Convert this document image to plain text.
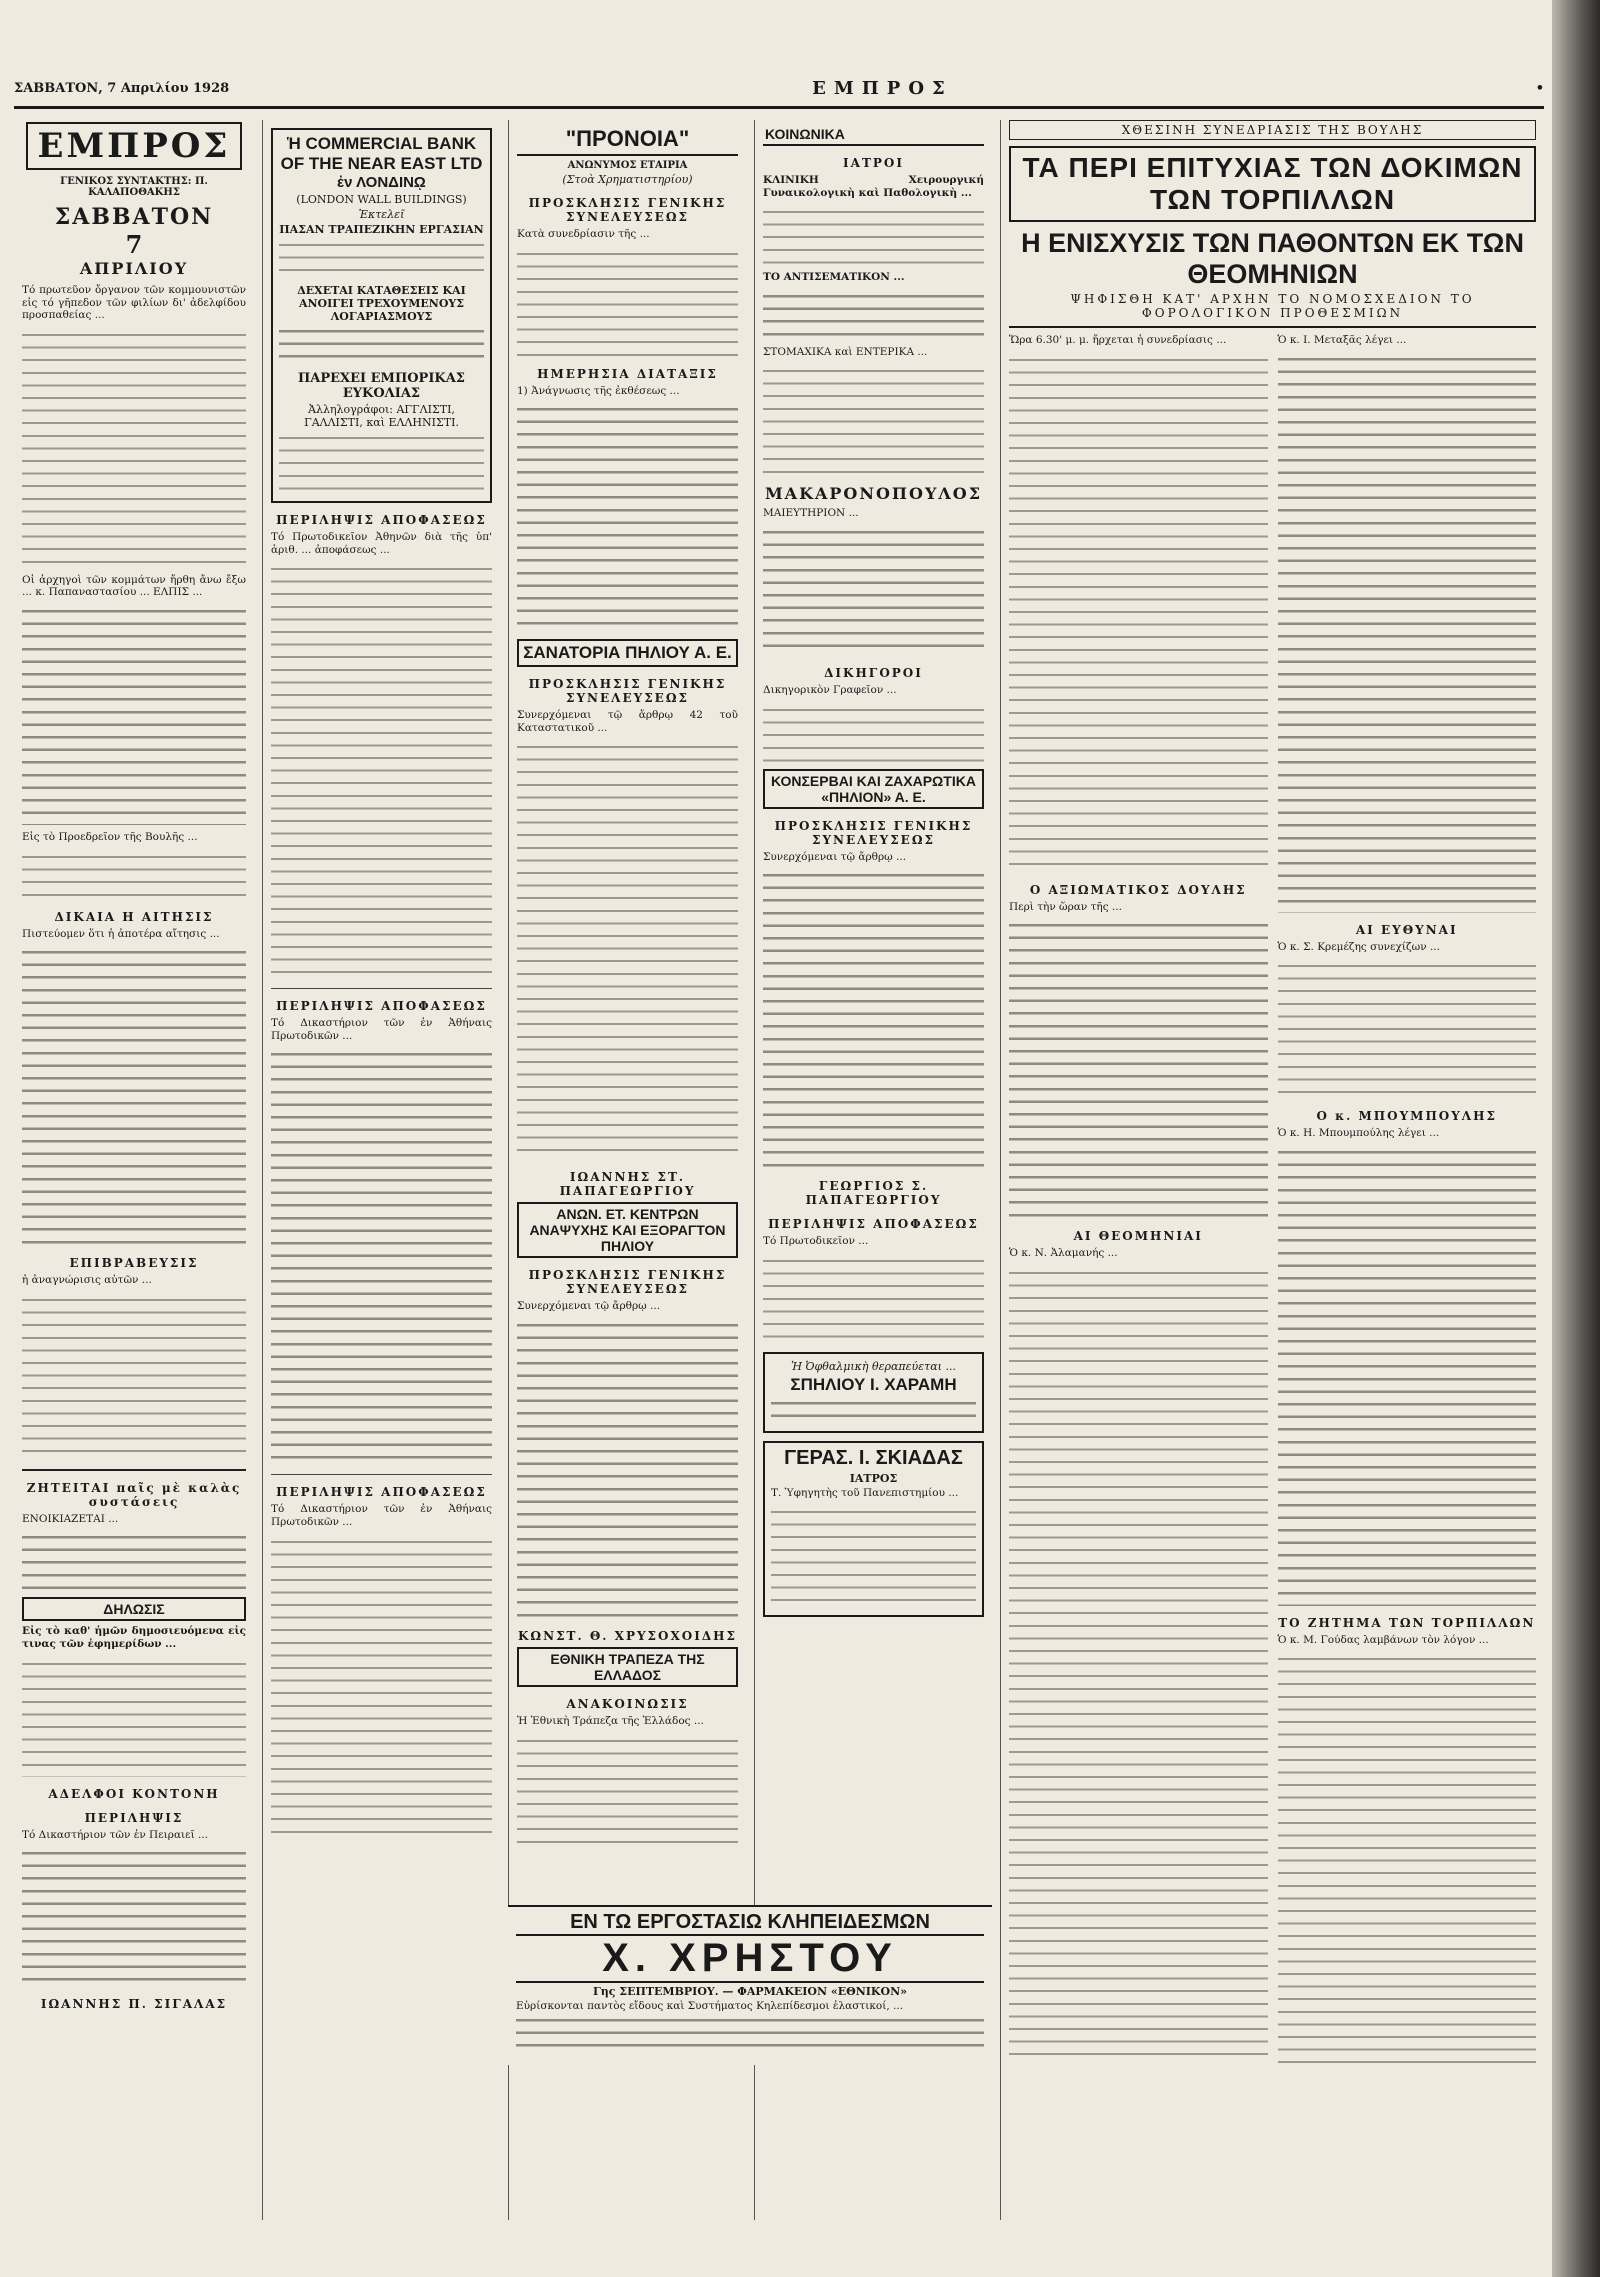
ΣΑΒΒΑΤΟΝ, 7 Απριλίου 1928	ΕΜΠΡΟΣ	•
ΕΜΠΡΟΣ
ΓΕΝΙΚΟΣ ΣΥΝΤΑΚΤΗΣ: Π. ΚΑΛΑΠΟΘΑΚΗΣ
ΣΑΒΒΑΤΟΝ
7
ΑΠΡΙΛΙΟΥ

Τό πρωτεῦον ὄργανον τῶν κομμουνιστῶν εἰς τό γῆπεδον τῶν φιλίων δι' ἀδελφίδου προσπαθείας ...

Οἱ ἀρχηγοὶ τῶν κομμάτων ἤρθη ἄνω ἔξω ... κ. Παπαναστασίου ... ΕΛΠΙΣ ...

Εἰς τὸ Προεδρεῖον τῆς Βουλῆς ...

ΔΙΚΑΙΑ Η ΑΙΤΗΣΙΣ

Πιστεύομεν ὅτι ἡ ἀποτέρα αἴτησις ...

ΕΠΙΒΡΑΒΕΥΣΙΣ

ἡ ἀναγνώρισις αὐτῶν ...

ΖΗΤΕΙΤΑΙ παῖς μὲ καλὰς συστάσεις

ΕΝΟΙΚΙΑΖΕΤΑΙ ...

ΔΗΛΩΣΙΣ

Εἰς τὸ καθ' ἡμῶν δημοσιευόμενα εἰς τινας τῶν ἐφημερίδων ...

ΑΔΕΛΦΟΙ ΚΟΝΤΟΝΗ
ΠΕΡΙΛΗΨΙΣ

Τό Δικαστήριον τῶν ἐν Πειραιεῖ ...

ΙΩΑΝΝΗΣ Π. ΣΙΓΑΛΑΣ
Ἡ COMMERCIAL BANK OF THE NEAR EAST LTD
ἐν ΛΟΝΔΙΝῼ
(LONDON WALL BUILDINGS)
Ἐκτελεῖ
ΠΑΣΑΝ ΤΡΑΠΕΖΙΚΗΝ ΕΡΓΑΣΙΑΝ
ΔΕΧΕΤΑΙ ΚΑΤΑΘΕΣΕΙΣ ΚΑΙ ΑΝΟΙΓΕΙ ΤΡΕΧΟΥΜΕΝΟΥΣ ΛΟΓΑΡΙΑΣΜΟΥΣ
ΠΑΡΕΧΕΙ ΕΜΠΟΡΙΚΑΣ ΕΥΚΟΛΙΑΣ
Ἀλληλογράφοι: ΑΓΓΛΙΣΤΙ, ΓΑΛΛΙΣΤΙ, καὶ ΕΛΛΗΝΙΣΤΙ.
ΠΕΡΙΛΗΨΙΣ ΑΠΟΦΑΣΕΩΣ

Τό Πρωτοδικεῖον Ἀθηνῶν διὰ τῆς ὑπ' ἀριθ. ... ἀποφάσεως ...

ΠΕΡΙΛΗΨΙΣ ΑΠΟΦΑΣΕΩΣ

Τό Δικαστήριον τῶν ἐν Ἀθήναις Πρωτοδικῶν ...

ΠΕΡΙΛΗΨΙΣ ΑΠΟΦΑΣΕΩΣ

Τό Δικαστήριον τῶν ἐν Ἀθήναις Πρωτοδικῶν ...

"ΠΡΟΝΟΙΑ"
ΑΝΩΝΥΜΟΣ ΕΤΑΙΡΙΑ
(Στοὰ Χρηματιστηρίου)
ΠΡΟΣΚΛΗΣΙΣ ΓΕΝΙΚΗΣ ΣΥΝΕΛΕΥΣΕΩΣ

Κατὰ συνεδρίασιν τῆς ...

ΗΜΕΡΗΣΙΑ ΔΙΑΤΑΞΙΣ

1) Ἀνάγνωσις τῆς ἐκθέσεως ...

ΣΑΝΑΤΟΡΙΑ ΠΗΛΙΟΥ Α. Ε.
ΠΡΟΣΚΛΗΣΙΣ ΓΕΝΙΚΗΣ ΣΥΝΕΛΕΥΣΕΩΣ

Συνερχόμεναι τῷ ἄρθρῳ 42 τοῦ Καταστατικοῦ ...

ΙΩΑΝΝΗΣ ΣΤ. ΠΑΠΑΓΕΩΡΓΙΟΥ
ΑΝΩΝ. ΕΤ. ΚΕΝΤΡΩΝ ΑΝΑΨΥΧΗΣ ΚΑΙ ΕΞΟΡΑΓΤΟΝ ΠΗΛΙΟΥ
ΠΡΟΣΚΛΗΣΙΣ ΓΕΝΙΚΗΣ ΣΥΝΕΛΕΥΣΕΩΣ

Συνερχόμεναι τῷ ἄρθρῳ ...

ΚΩΝΣΤ. Θ. ΧΡΥΣΟΧΟΙΔΗΣ
ΕΘΝΙΚΗ ΤΡΑΠΕΖΑ ΤΗΣ ΕΛΛΑΔΟΣ
ΑΝΑΚΟΙΝΩΣΙΣ

Ἡ Ἐθνικὴ Τράπεζα τῆς Ἑλλάδος ...

ΚΟΙΝΩΝΙΚΑ
ΙΑΤΡΟΙ

ΚΛΙΝΙΚΗ Χειρουργική Γυναικολογικὴ καὶ Παθολογικὴ ...

ΤΟ ΑΝΤΙΣΕΜΑΤΙΚΟΝ ...

ΣΤΟΜΑΧΙΚΑ καὶ ΕΝΤΕΡΙΚΑ ...

ΜΑΚΑΡΟΝΟΠΟΥΛΟΣ

ΜΑΙΕΥΤΗΡΙΟΝ ...

ΔΙΚΗΓΟΡΟΙ

Δικηγορικὸν Γραφεῖον ...

ΚΟΝΣΕΡΒΑΙ ΚΑΙ ΖΑΧΑΡΩΤΙΚΑ «ΠΗΛΙΟΝ» Α. Ε.
ΠΡΟΣΚΛΗΣΙΣ ΓΕΝΙΚΗΣ ΣΥΝΕΛΕΥΣΕΩΣ

Συνερχόμεναι τῷ ἄρθρῳ ...

ΓΕΩΡΓΙΟΣ Σ. ΠΑΠΑΓΕΩΡΓΙΟΥ
ΠΕΡΙΛΗΨΙΣ ΑΠΟΦΑΣΕΩΣ

Τό Πρωτοδικεῖον ...

Ἡ Ὀφθαλμικὴ θεραπεύεται ...
ΣΠΗΛΙΟΥ Ι. ΧΑΡΑΜΗ
ΓΕΡΑΣ. Ι. ΣΚΙΑΔΑΣ
ΙΑΤΡΟΣ

Τ. Ὑφηγητὴς τοῦ Πανεπιστημίου ...

ΧΘΕΣΙΝΗ ΣΥΝΕΔΡΙΑΣΙΣ ΤΗΣ ΒΟΥΛΗΣ
ΤΑ ΠΕΡΙ ΕΠΙΤΥΧΙΑΣ ΤΩΝ ΔΟΚΙΜΩΝ ΤΩΝ ΤΟΡΠΙΛΛΩΝ
Η ΕΝΙΣΧΥΣΙΣ ΤΩΝ ΠΑΘΟΝΤΩΝ ΕΚ ΤΩΝ ΘΕΟΜΗΝΙΩΝ
ΨΗΦΙΣΘΗ ΚΑΤ' ΑΡΧΗΝ ΤΟ ΝΟΜΟΣΧΕΔΙΟΝ ΤΟ ΦΟΡΟΛΟΓΙΚΟΝ ΠΡΟΘΕΣΜΙΩΝ

Ὥρα 6.30' μ. μ. ἤρχεται ἡ συνεδρίασις ...

Ο ΑΞΙΩΜΑΤΙΚΟΣ ΔΟΥΛΗΣ

Περὶ τὴν ὥραν τῆς ...

ΑΙ ΘΕΟΜΗΝΙΑΙ

Ὁ κ. Ν. Ἀλαμανής ...

Ὁ κ. Ι. Μεταξᾶς λέγει ...

ΑΙ ΕΥΘΥΝΑΙ

Ὁ κ. Σ. Κρεμέζης συνεχίζων ...

Ο κ. ΜΠΟΥΜΠΟΥΛΗΣ

Ὁ κ. Η. Μπουμπούλης λέγει ...

ΤΟ ΖΗΤΗΜΑ ΤΩΝ ΤΟΡΠΙΛΛΩΝ

Ὁ κ. Μ. Γούδας λαμβάνων τὸν λόγον ...

ΕΝ ΤΩ ΕΡΓΟΣΤΑΣΙΩ ΚΛΗΠΕΙΔΕΣΜΩΝ
Χ. ΧΡΗΣΤΟΥ
Γης ΣΕΠΤΕΜΒΡΙΟΥ. — ΦΑΡΜΑΚΕΙΟΝ «ΕΘΝΙΚΟΝ»
Εὑρίσκονται παντὸς εἴδους καὶ Συστήματος Κηλεπίδεσμοι ἐλαστικοί, ...
